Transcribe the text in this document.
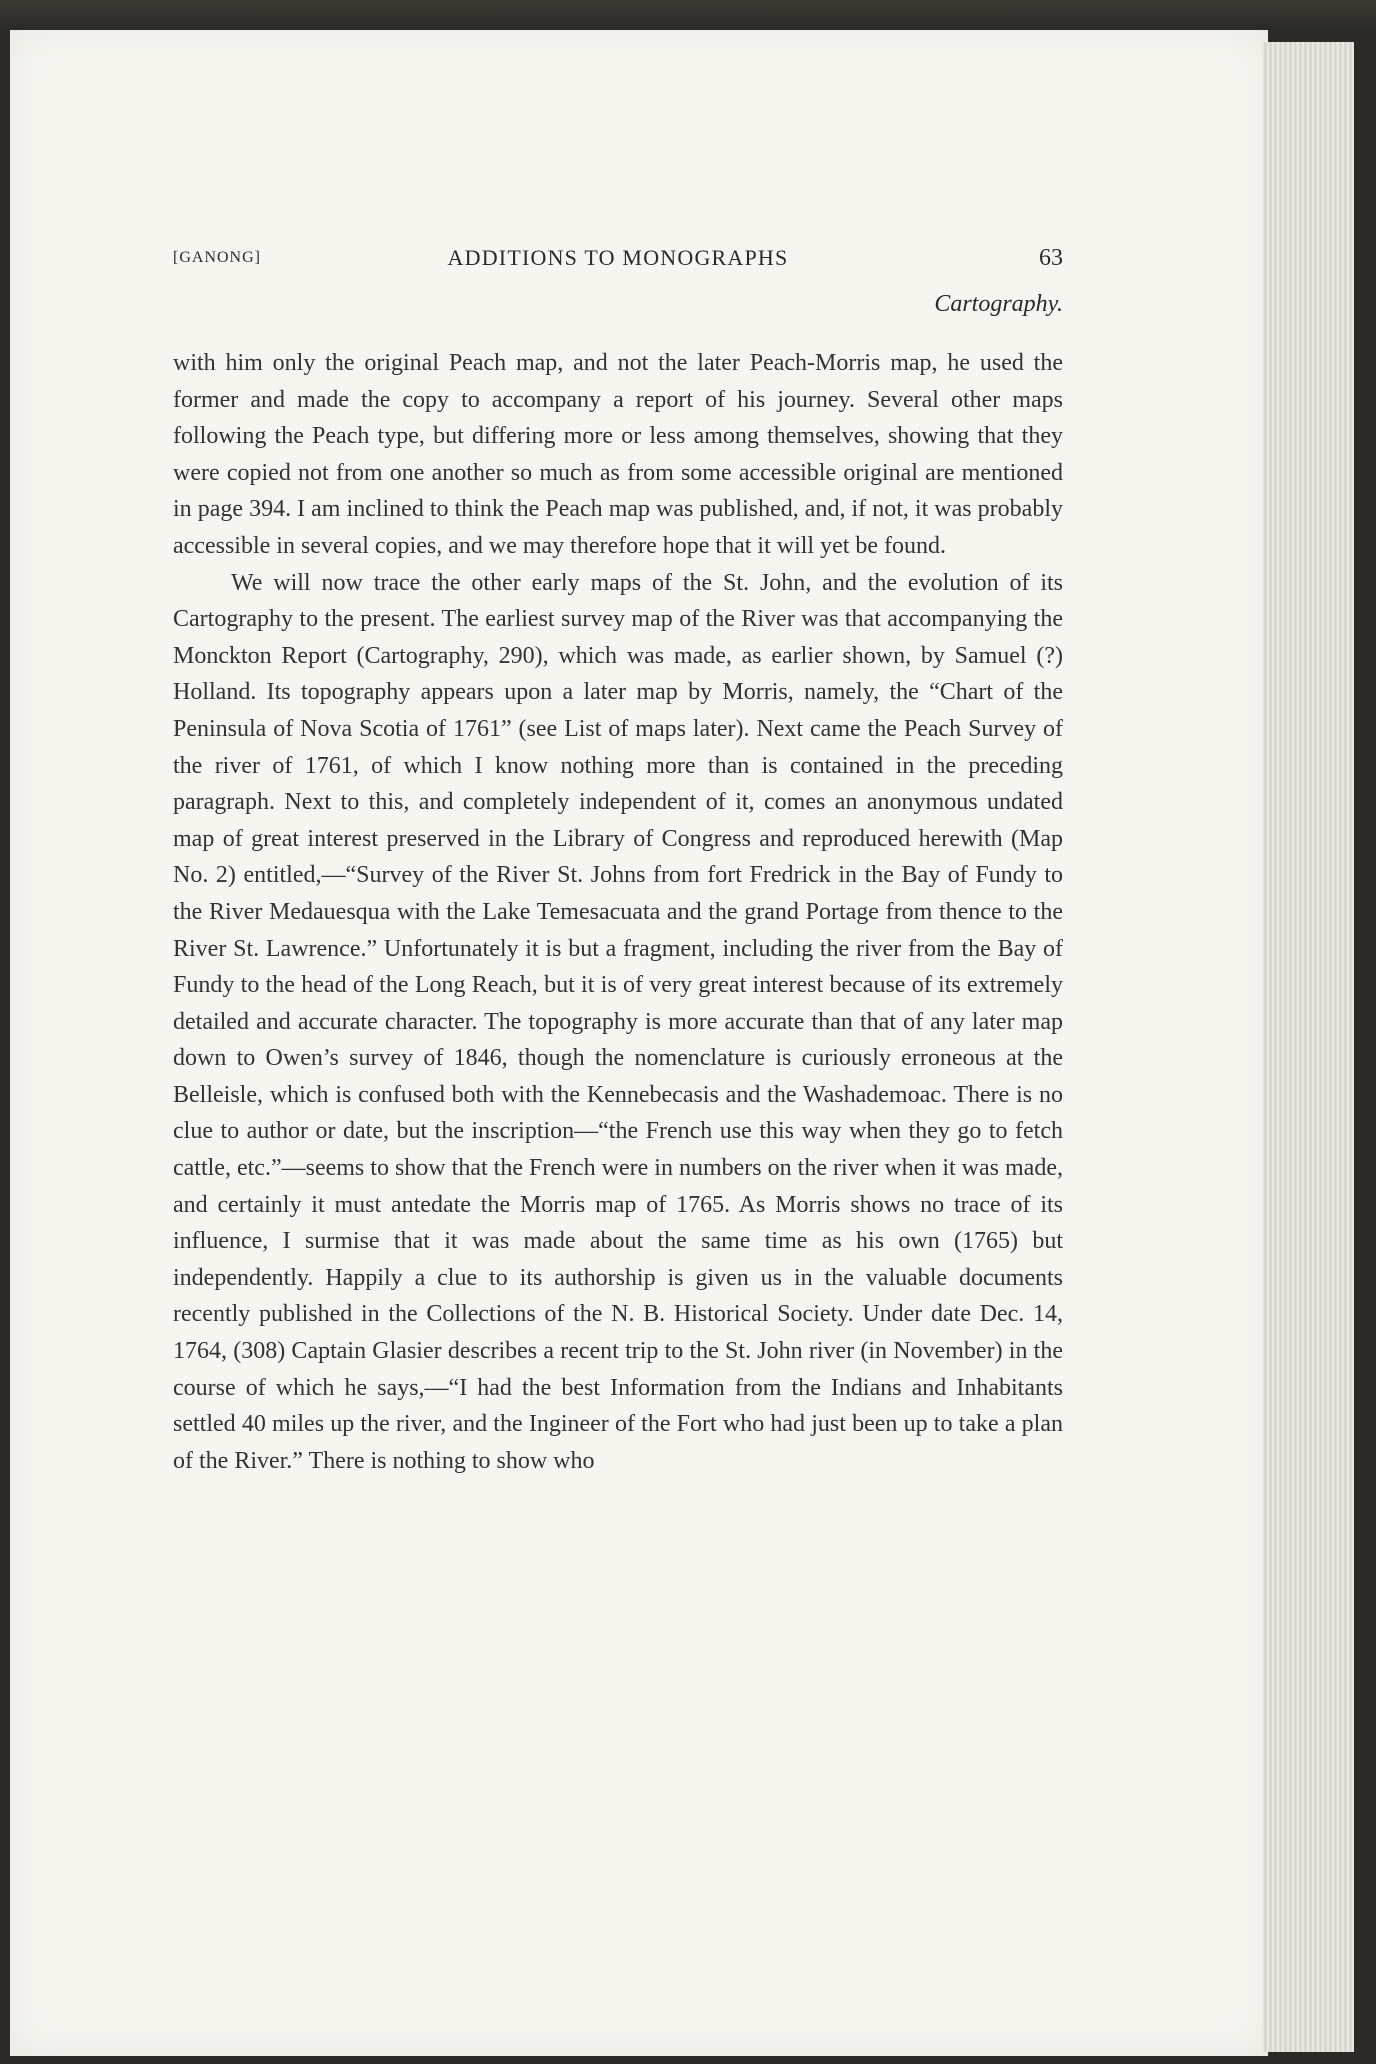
[GANONG]	ADDITIONS TO MONOGRAPHS	63
Cartography.

with him only the original Peach map, and not the later Peach-Morris map, he used the former and made the copy to accompany a report of his journey. Several other maps following the Peach type, but differing more or less among themselves, showing that they were copied not from one another so much as from some accessible original are mentioned in page 394. I am inclined to think the Peach map was published, and, if not, it was probably accessible in several copies, and we may therefore hope that it will yet be found.

We will now trace the other early maps of the St. John, and the evolution of its Cartography to the present. The earliest survey map of the River was that accompanying the Monckton Report (Cartography, 290), which was made, as earlier shown, by Samuel (?) Holland. Its topography appears upon a later map by Morris, namely, the “Chart of the Peninsula of Nova Scotia of 1761” (see List of maps later). Next came the Peach Survey of the river of 1761, of which I know nothing more than is contained in the preceding paragraph. Next to this, and completely independent of it, comes an anonymous undated map of great interest preserved in the Library of Congress and reproduced herewith (Map No. 2) entitled,—“Survey of the River St. Johns from fort Fredrick in the Bay of Fundy to the River Medauesqua with the Lake Temesacuata and the grand Portage from thence to the River St. Lawrence.” Unfortunately it is but a fragment, including the river from the Bay of Fundy to the head of the Long Reach, but it is of very great interest because of its extremely detailed and accurate character. The topography is more accurate than that of any later map down to Owen’s survey of 1846, though the nomenclature is curiously erroneous at the Belleisle, which is confused both with the Kennebecasis and the Washademoac. There is no clue to author or date, but the inscription—“the French use this way when they go to fetch cattle, etc.”—seems to show that the French were in numbers on the river when it was made, and certainly it must antedate the Morris map of 1765. As Morris shows no trace of its influence, I surmise that it was made about the same time as his own (1765) but independently. Happily a clue to its authorship is given us in the valuable documents recently published in the Collections of the N. B. Historical Society. Under date Dec. 14, 1764, (308) Captain Glasier describes a recent trip to the St. John river (in November) in the course of which he says,—“I had the best Information from the Indians and Inhabitants settled 40 miles up the river, and the Ingineer of the Fort who had just been up to take a plan of the River.” There is nothing to show who
